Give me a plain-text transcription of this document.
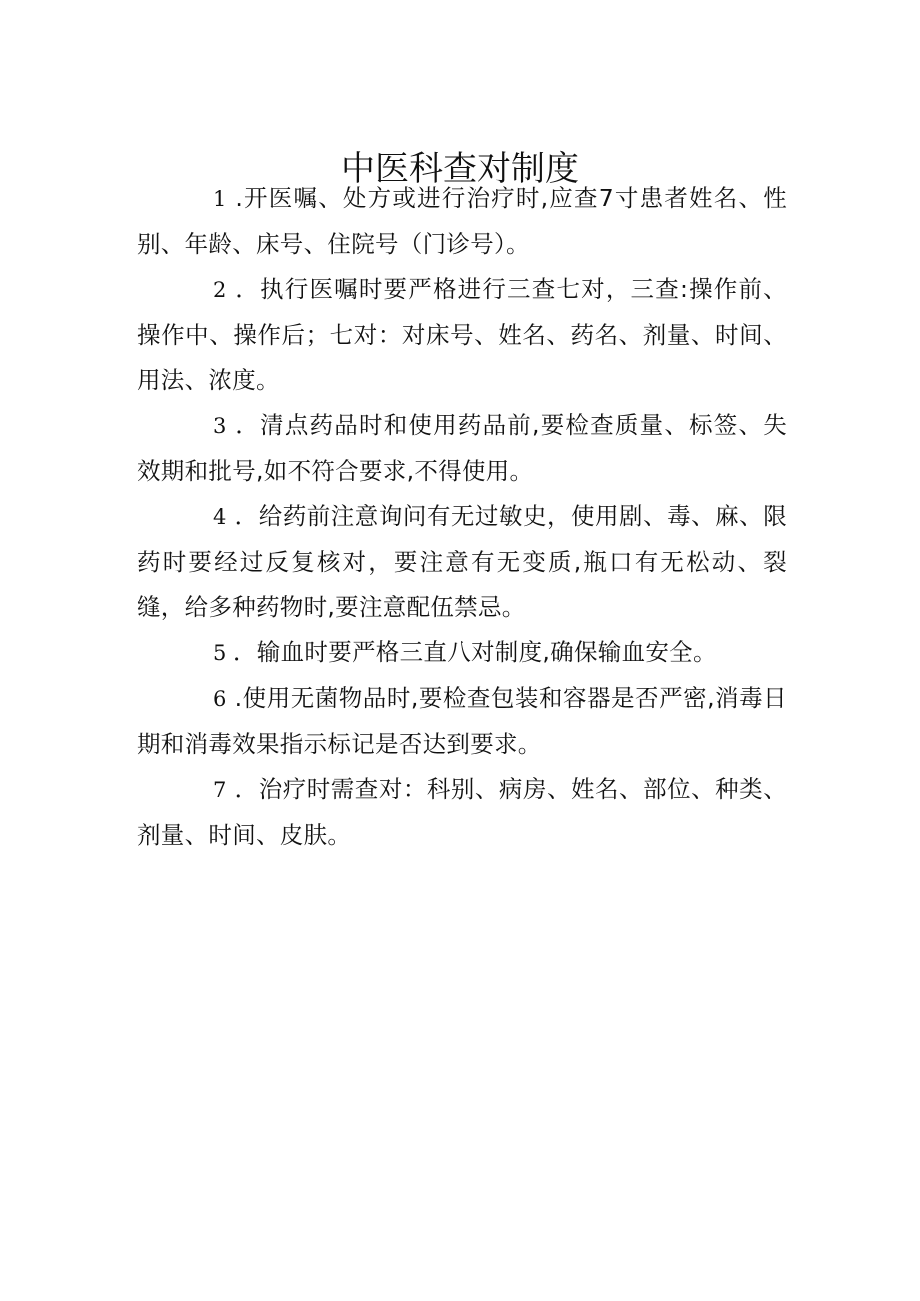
中医科查对制度

1 .开医嘱、处方或进行治疗时,应查7寸患者姓名、性别、年龄、床号、住院号（门诊号）。

2 ．执行医嘱时要严格进行三查七对，三查:操作前、操作中、操作后；七对：对床号、姓名、药名、剂量、时间、用法、浓度。

3 ．清点药品时和使用药品前,要检查质量、标签、失效期和批号,如不符合要求,不得使用。

4 ．给药前注意询问有无过敏史，使用剧、毒、麻、限药时要经过反复核对，要注意有无变质,瓶口有无松动、裂缝，给多种药物时,要注意配伍禁忌。

5 ．输血时要严格三直八对制度,确保输血安全。

6 .使用无菌物品时,要检查包装和容器是否严密,消毒日期和消毒效果指示标记是否达到要求。

7 ．治疗时需查对：科别、病房、姓名、部位、种类、剂量、时间、皮肤。
